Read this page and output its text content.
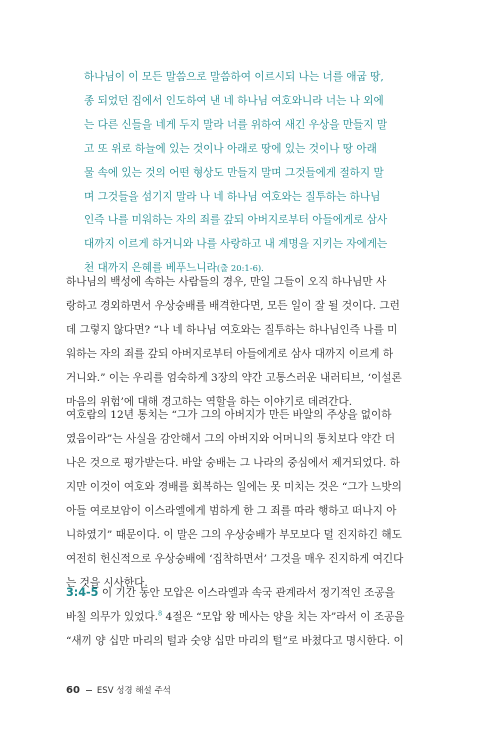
하나님이 이 모든 말씀으로 말씀하여 이르시되 나는 너를 애굽 땅,
종 되었던 집에서 인도하여 낸 네 하나님 여호와니라 너는 나 외에
는 다른 신들을 네게 두지 말라 너를 위하여 새긴 우상을 만들지 말
고 또 위로 하늘에 있는 것이나 아래로 땅에 있는 것이나 땅 아래
물 속에 있는 것의 어떤 형상도 만들지 말며 그것들에게 절하지 말
며 그것들을 섬기지 말라 나 네 하나님 여호와는 질투하는 하나님
인즉 나를 미워하는 자의 죄를 갚되 아버지로부터 아들에게로 삼사
대까지 이르게 하거니와 나를 사랑하고 내 계명을 지키는 자에게는
천 대까지 은혜를 베푸느니라(출 20:1-6).
하나님의 백성에 속하는 사람들의 경우, 만일 그들이 오직 하나님만 사
랑하고 경외하면서 우상숭배를 배격한다면, 모든 일이 잘 될 것이다. 그런
데 그렇지 않다면? “나 네 하나님 여호와는 질투하는 하나님인즉 나를 미
워하는 자의 죄를 갚되 아버지로부터 아들에게로 삼사 대까지 이르게 하
거니와.” 이는 우리를 엄숙하게 3장의 약간 고통스러운 내러티브, ‘이설론
마음의 위험’에 대해 경고하는 역할을 하는 이야기로 데려간다.
여호람의 12년 통치는 “그가 그의 아버지가 만든 바알의 주상을 없이하
였음이라”는 사실을 감안해서 그의 아버지와 어머니의 통치보다 약간 더
나은 것으로 평가받는다. 바알 숭배는 그 나라의 중심에서 제거되었다. 하
지만 이것이 여호와 경배를 회복하는 일에는 못 미치는 것은 “그가 느밧의
아들 여로보암이 이스라엘에게 범하게 한 그 죄를 따라 행하고 떠나지 아
니하였기” 때문이다. 이 말은 그의 우상숭배가 부모보다 덜 진지하긴 해도
여전히 헌신적으로 우상숭배에 ‘집착하면서’ 그것을 매우 진지하게 여긴다
는 것을 시사한다.
3:4-5 이 기간 동안 모압은 이스라엘과 속국 관계라서 정기적인 조공을
바칠 의무가 있었다.$^8$ 4절은 “모압 왕 메사는 양을 치는 자”라서 이 조공을
“새끼 양 십만 마리의 털과 숫양 십만 마리의 털”로 바쳤다고 명시한다. 이
60 ESV 성경 해설 주석
